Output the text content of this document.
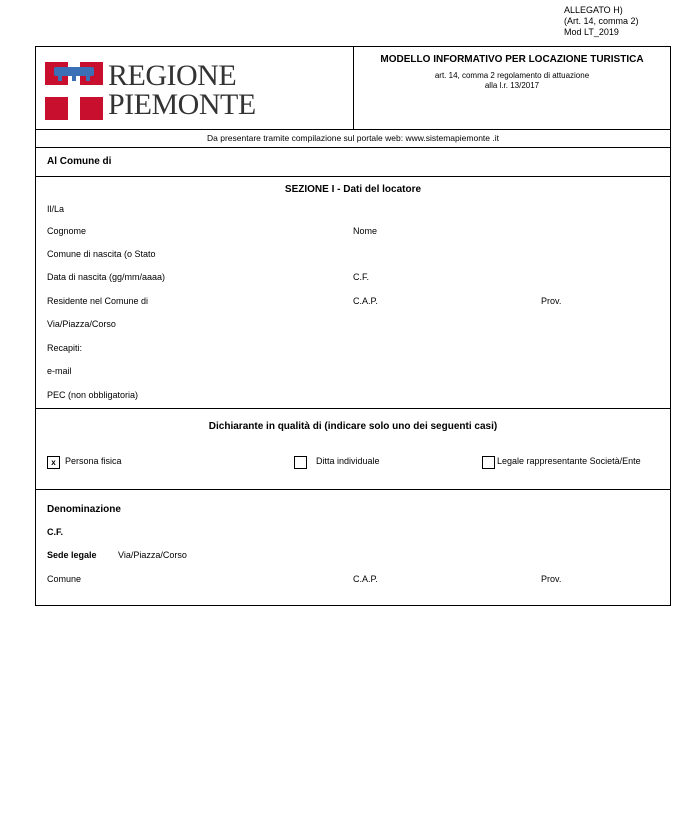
ALLEGATO H)
(Art. 14, comma 2)
Mod LT_2019
REGIONE
PIEMONTE
MODELLO INFORMATIVO PER LOCAZIONE TURISTICA
art. 14, comma 2 regolamento di attuazione
alla l.r. 13/2017
Da presentare tramite compilazione sul portale web: www.sistemapiemonte .it
Al Comune di
SEZIONE I - Dati del locatore
Il/La
Cognome	Nome
Comune di nascita (o Stato
Data di nascita (gg/mm/aaaa)	C.F.
Residente nel Comune di	C.A.P.	Prov.
Via/Piazza/Corso
Recapiti:
e-mail
PEC (non obbligatoria)
Dichiarante in qualità di (indicare solo uno dei seguenti casi)
x	Persona fisica	Ditta individuale	Legale rappresentante Società/Ente
Denominazione
C.F.
Sede legale Via/Piazza/Corso
Comune	C.A.P.	Prov.
